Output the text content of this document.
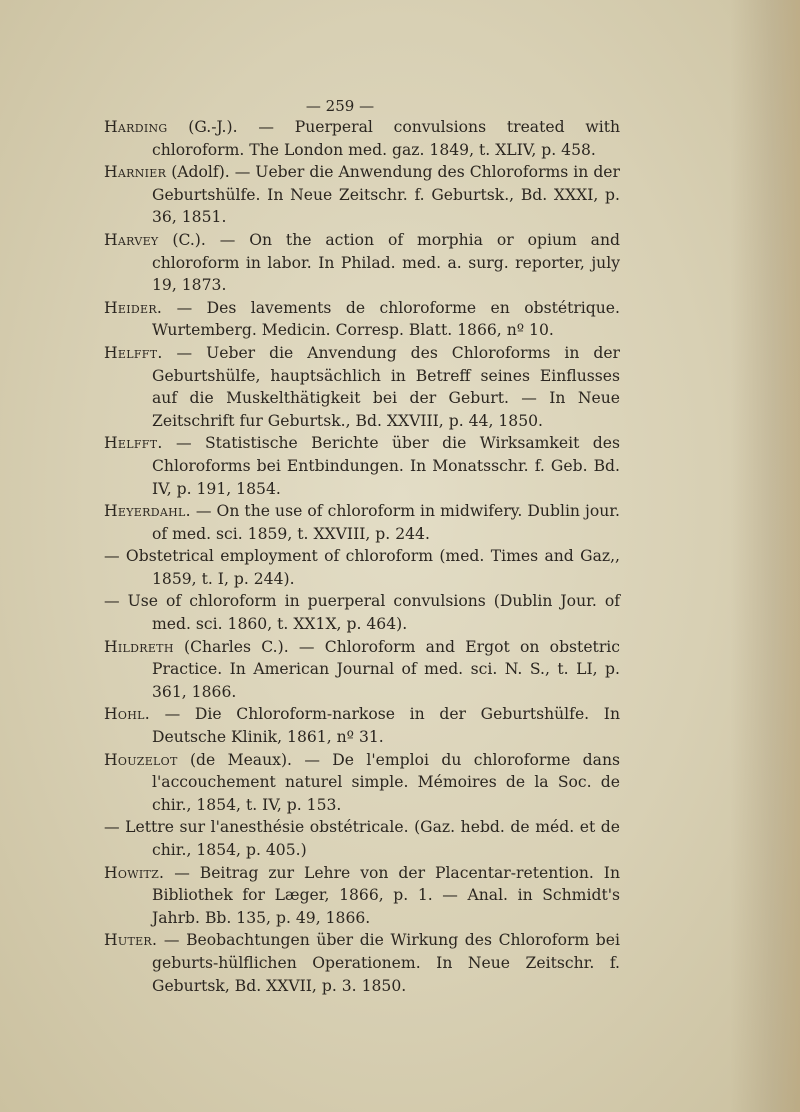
— 259 —

Harding (G.-J.). — Puerperal convulsions treated with chloroform. The London med. gaz. 1849, t. XLIV, p. 458.

Harnier (Adolf). — Ueber die Anwendung des Chloroforms in der Geburtshülfe. In Neue Zeitschr. f. Geburtsk., Bd. XXXI, p. 36, 1851.

Harvey (C.). — On the action of morphia or opium and chloroform in labor. In Philad. med. a. surg. reporter, july 19, 1873.

Heider. — Des lavements de chloroforme en obstétrique. Wurtemberg. Medicin. Corresp. Blatt. 1866, nº 10.

Helfft. — Ueber die Anvendung des Chloroforms in der Geburtshülfe, hauptsächlich in Betreff seines Einflusses auf die Muskelthätigkeit bei der Geburt. — In Neue Zeitschrift fur Geburtsk., Bd. XXVIII, p. 44, 1850.

Helfft. — Statistische Berichte über die Wirksamkeit des Chloroforms bei Entbindungen. In Monatsschr. f. Geb. Bd. IV, p. 191, 1854.

Heyerdahl. — On the use of chloroform in midwifery. Dublin jour. of med. sci. 1859, t. XXVIII, p. 244.

— Obstetrical employment of chloroform (med. Times and Gaz,, 1859, t. I, p. 244).

— Use of chloroform in puerperal convulsions (Dublin Jour. of med. sci. 1860, t. XX1X, p. 464).

Hildreth (Charles C.). — Chloroform and Ergot on obstetric Practice. In American Journal of med. sci. N. S., t. LI, p. 361, 1866.

Hohl. — Die Chloroform-narkose in der Geburtshülfe. In Deutsche Klinik, 1861, nº 31.

Houzelot (de Meaux). — De l'emploi du chloroforme dans l'accouchement naturel simple. Mémoires de la Soc. de chir., 1854, t. IV, p. 153.

— Lettre sur l'anesthésie obstétricale. (Gaz. hebd. de méd. et de chir., 1854, p. 405.)

Howitz. — Beitrag zur Lehre von der Placentar-retention. In Bibliothek for Læger, 1866, p. 1. — Anal. in Schmidt's Jahrb. Bb. 135, p. 49, 1866.

Huter. — Beobachtungen über die Wirkung des Chloroform bei geburts-hülflichen Operationem. In Neue Zeitschr. f. Geburtsk, Bd. XXVII, p. 3. 1850.
